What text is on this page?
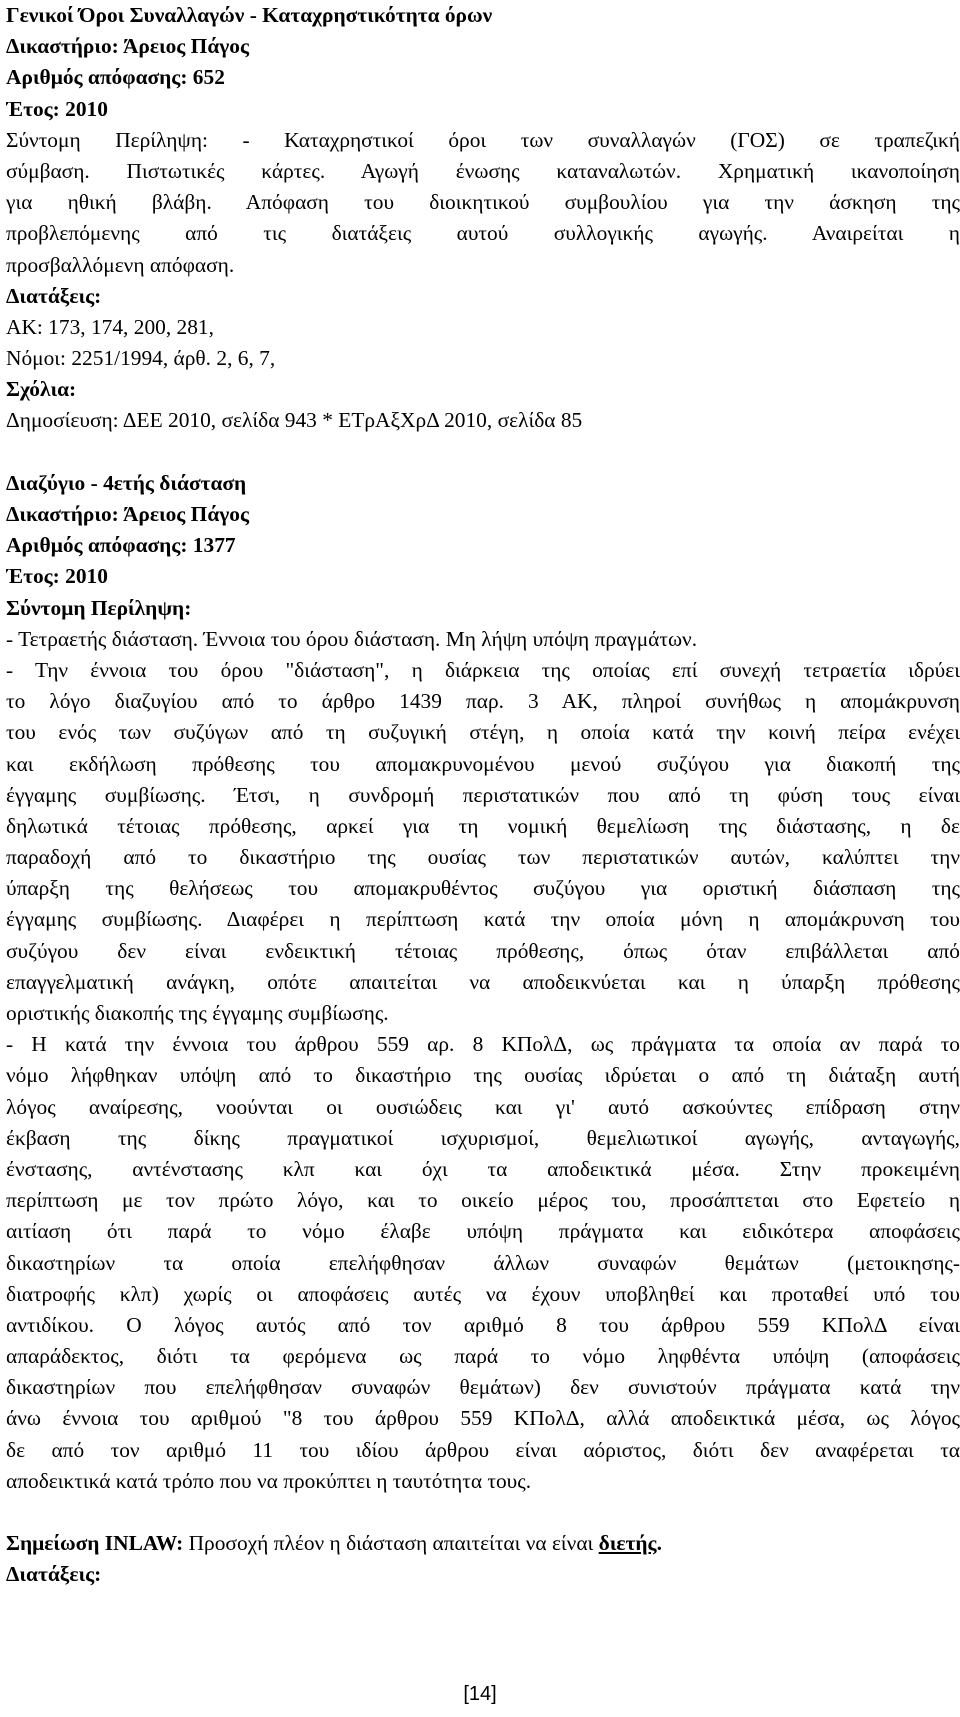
Γενικοί Όροι Συναλλαγών - Καταχρηστικότητα όρων
Δικαστήριο: Άρειος Πάγος
Αριθμός απόφασης: 652
Έτος: 2010
Σύντομη Περίληψη: - Καταχρηστικοί όροι των συναλλαγών (ΓΟΣ) σε τραπεζική
σύμβαση. Πιστωτικές κάρτες. Αγωγή ένωσης καταναλωτών. Χρηματική ικανοποίηση
για ηθική βλάβη. Απόφαση του διοικητικού συμβουλίου για την άσκηση της
προβλεπόμενης από τις διατάξεις αυτού συλλογικής αγωγής. Αναιρείται η
προσβαλλόμενη απόφαση.
Διατάξεις:
ΑΚ: 173, 174, 200, 281,
Νόμοι: 2251/1994, άρθ. 2, 6, 7,
Σχόλια:
Δημοσίευση: ΔΕΕ 2010, σελίδα 943 * ΕΤρΑξΧρΔ 2010, σελίδα 85
Διαζύγιο - 4ετής διάσταση
Δικαστήριο: Άρειος Πάγος
Αριθμός απόφασης: 1377
Έτος: 2010
Σύντομη Περίληψη:
- Τετραετής διάσταση. Έννοια του όρου διάσταση. Μη λήψη υπόψη πραγμάτων.
- Την έννοια του όρου "διάσταση", η διάρκεια της οποίας επί συνεχή τετραετία ιδρύει
το λόγο διαζυγίου από το άρθρο 1439 παρ. 3 ΑΚ, πληροί συνήθως η απομάκρυνση
του ενός των συζύγων από τη συζυγική στέγη, η οποία κατά την κοινή πείρα ενέχει
και εκδήλωση πρόθεσης του απομακρυνομένου μενού συζύγου για διακοπή της
έγγαμης συμβίωσης. Έτσι, η συνδρομή περιστατικών που από τη φύση τους είναι
δηλωτικά τέτοιας πρόθεσης, αρκεί για τη νομική θεμελίωση της διάστασης, η δε
παραδοχή από το δικαστήριο της ουσίας των περιστατικών αυτών, καλύπτει την
ύπαρξη της θελήσεως του απομακρυθέντος συζύγου για οριστική διάσπαση της
έγγαμης συμβίωσης. Διαφέρει η περίπτωση κατά την οποία μόνη η απομάκρυνση του
συζύγου δεν είναι ενδεικτική τέτοιας πρόθεσης, όπως όταν επιβάλλεται από
επαγγελματική ανάγκη, οπότε απαιτείται να αποδεικνύεται και η ύπαρξη πρόθεσης
οριστικής διακοπής της έγγαμης συμβίωσης.
- Η κατά την έννοια του άρθρου 559 αρ. 8 ΚΠολΔ, ως πράγματα τα οποία αν παρά το
νόμο λήφθηκαν υπόψη από το δικαστήριο της ουσίας ιδρύεται ο από τη διάταξη αυτή
λόγος αναίρεσης, νοούνται οι ουσιώδεις και γι' αυτό ασκούντες επίδραση στην
έκβαση της δίκης πραγματικοί ισχυρισμοί, θεμελιωτικοί αγωγής, ανταγωγής,
ένστασης, αντένστασης κλπ και όχι τα αποδεικτικά μέσα. Στην προκειμένη
περίπτωση με τον πρώτο λόγο, και το οικείο μέρος του, προσάπτεται στο Εφετείο η
αιτίαση ότι παρά το νόμο έλαβε υπόψη πράγματα και ειδικότερα αποφάσεις
δικαστηρίων τα οποία επελήφθησαν άλλων συναφών θεμάτων (μετοικησης-
διατροφής κλπ) χωρίς οι αποφάσεις αυτές να έχουν υποβληθεί και προταθεί υπό του
αντιδίκου. Ο λόγος αυτός από τον αριθμό 8 του άρθρου 559 ΚΠολΔ είναι
απαράδεκτος, διότι τα φερόμενα ως παρά το νόμο ληφθέντα υπόψη (αποφάσεις
δικαστηρίων που επελήφθησαν συναφών θεμάτων) δεν συνιστούν πράγματα κατά την
άνω έννοια του αριθμού "8 του άρθρου 559 ΚΠολΔ, αλλά αποδεικτικά μέσα, ως λόγος
δε από τον αριθμό 11 του ιδίου άρθρου είναι αόριστος, διότι δεν αναφέρεται τα
αποδεικτικά κατά τρόπο που να προκύπτει η ταυτότητα τους.
Σημείωση INLAW: Προσοχή πλέον η διάσταση απαιτείται να είναι διετής.
Διατάξεις:
[14]
